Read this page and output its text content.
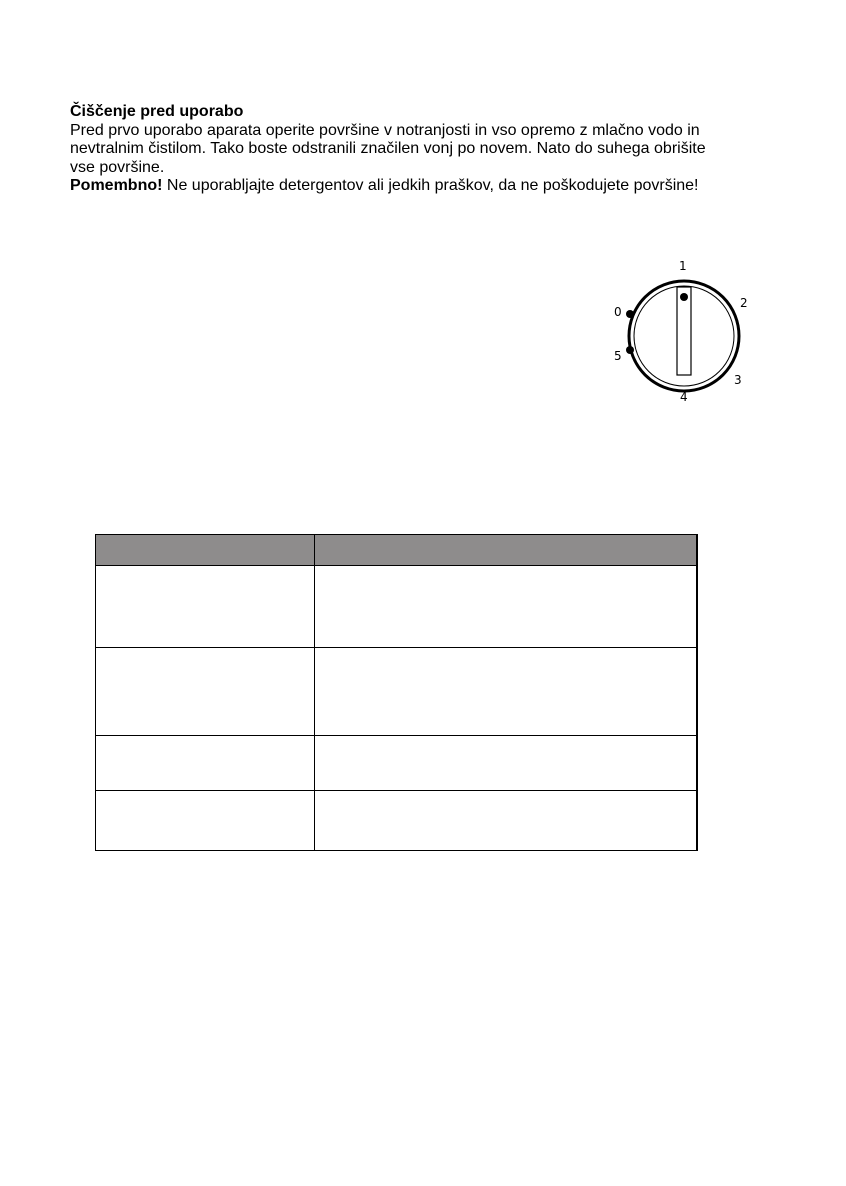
Čiščenje pred uporabo

Pred prvo uporabo aparata operite površine v notranjosti in vso opremo z mlačno vodo in

nevtralnim čistilom. Tako boste odstranili značilen vonj po novem. Nato do suhega obrišite

vse površine.

Pomembno! Ne uporabljajte detergentov ali jedkih praškov, da ne poškodujete površine!

0
1
2
3
4
5
